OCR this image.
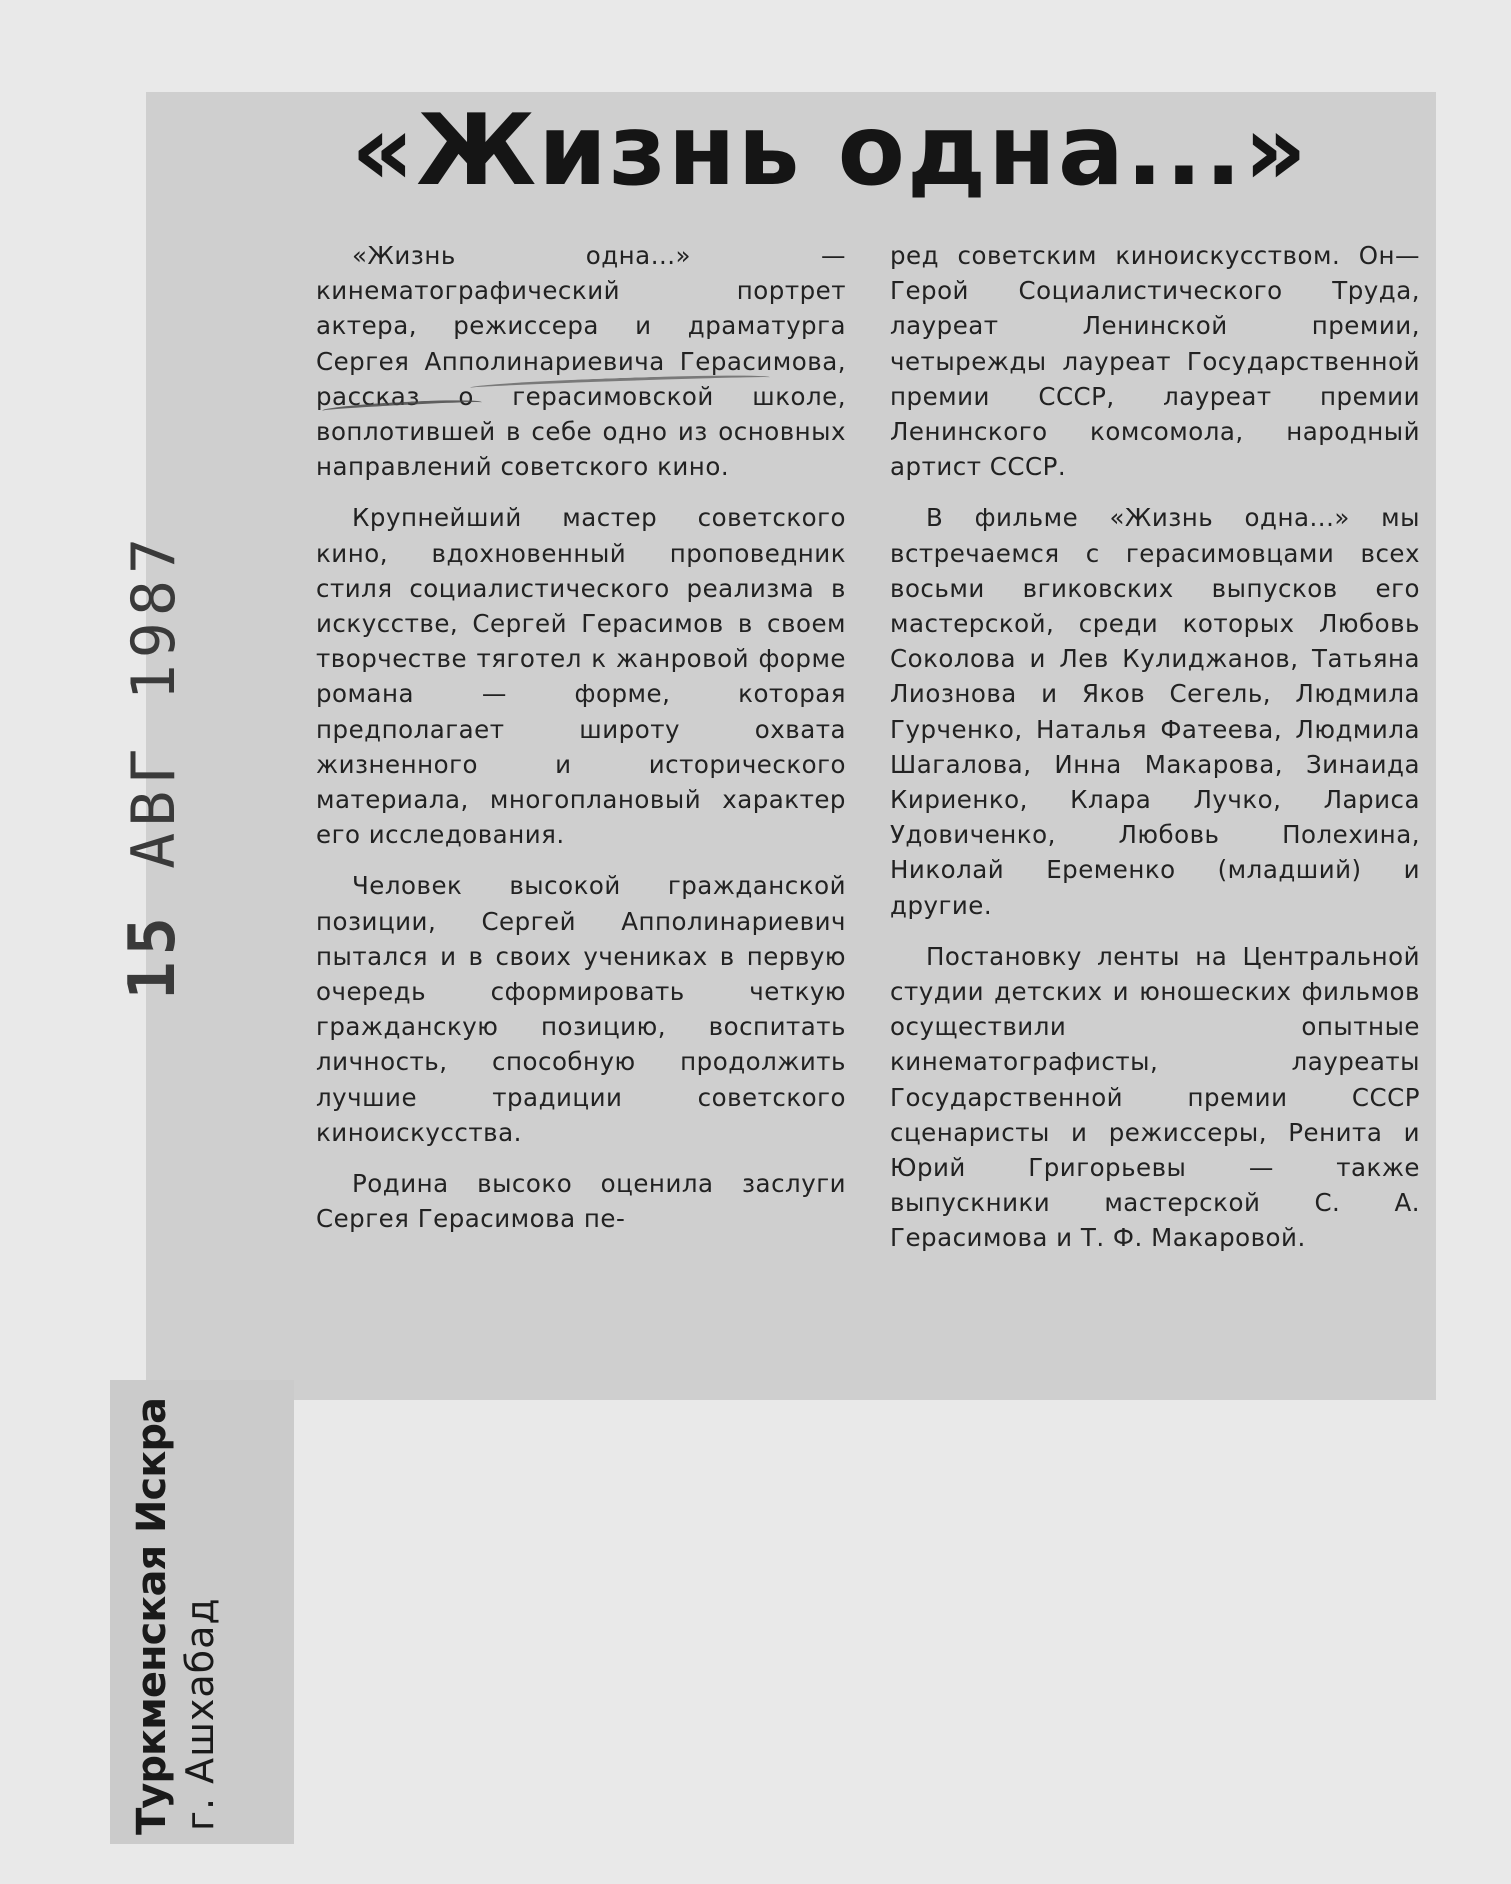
«Жизнь одна...»

«Жизнь одна...» — кинематографический портрет актера, режиссера и драматурга Сергея Апполинариевича Герасимова, рассказ о герасимовской школе, воплотившей в себе одно из основных направлений советского кино.

Крупнейший мастер советского кино, вдохновенный проповедник стиля социалистического реализма в искусстве, Сергей Герасимов в своем творчестве тяготел к жанровой форме романа — форме, которая предполагает широту охвата жизненного и исторического материала, многоплановый характер его исследования.

Человек высокой гражданской позиции, Сергей Апполинариевич пытался и в своих учениках в первую очередь сформировать четкую гражданскую позицию, воспитать личность, способную продолжить лучшие традиции советского киноискусства.

Родина высоко оценила заслуги Сергея Герасимова пе-

ред советским киноискусством. Он—Герой Социалистического Труда, лауреат Ленинской премии, четырежды лауреат Государственной премии СССР, лауреат премии Ленинского комсомола, народный артист СССР.

В фильме «Жизнь одна...» мы встречаемся с герасимовцами всех восьми вгиковских выпусков его мастерской, среди которых Любовь Соколова и Лев Кулиджанов, Татьяна Лиознова и Яков Сегель, Людмила Гурченко, Наталья Фатеева, Людмила Шагалова, Инна Макарова, Зинаида Кириенко, Клара Лучко, Лариса Удовиченко, Любовь Полехина, Николай Еременко (младший) и другие.

Постановку ленты на Центральной студии детских и юношеских фильмов осуществили опытные кинематографисты, лауреаты Государственной премии СССР сценаристы и режиссеры, Ренита и Юрий Григорьевы — также выпускники мастерской С. А. Герасимова и Т. Ф. Макаровой.

15 АВГ 1987
Туркменская Искра г. Ашхабад
